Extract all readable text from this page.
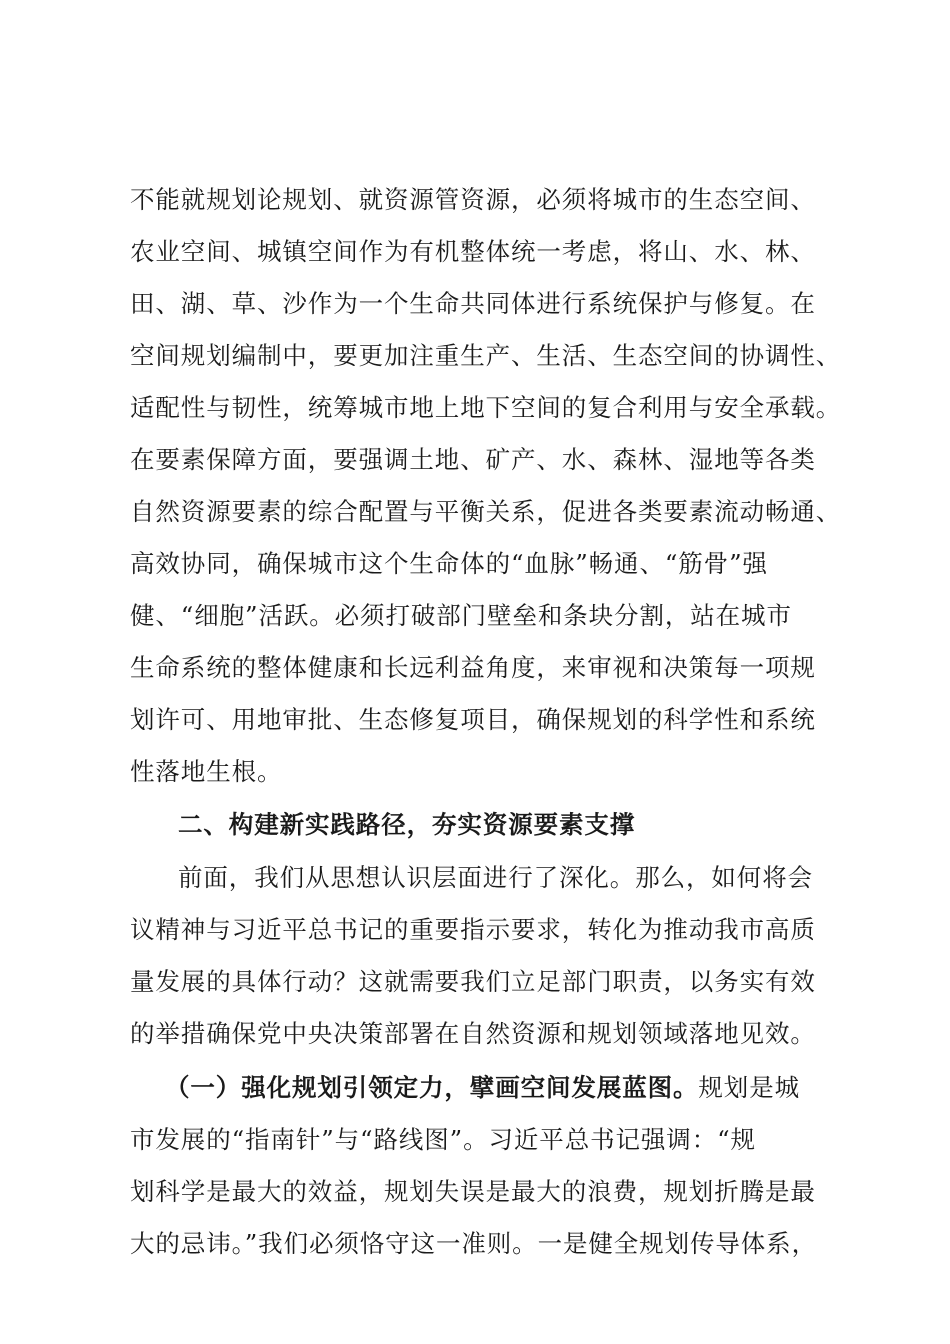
不能就规划论规划、就资源管资源，必须将城市的生态空间、
农业空间、城镇空间作为有机整体统一考虑，将山、水、林、
田、湖、草、沙作为一个生命共同体进行系统保护与修复。在
空间规划编制中，要更加注重生产、生活、生态空间的协调性、
适配性与韧性，统筹城市地上地下空间的复合利用与安全承载。
在要素保障方面，要强调土地、矿产、水、森林、湿地等各类
自然资源要素的综合配置与平衡关系，促进各类要素流动畅通、
高效协同，确保城市这个生命体的“血脉”畅通、“筋骨”强
健、“细胞”活跃。必须打破部门壁垒和条块分割，站在城市
生命系统的整体健康和长远利益角度，来审视和决策每一项规
划许可、用地审批、生态修复项目，确保规划的科学性和系统
性落地生根。
二、构建新实践路径，夯实资源要素支撑
前面，我们从思想认识层面进行了深化。那么，如何将会
议精神与习近平总书记的重要指示要求，转化为推动我市高质
量发展的具体行动？这就需要我们立足部门职责，以务实有效
的举措确保党中央决策部署在自然资源和规划领域落地见效。
（一）强化规划引领定力，擘画空间发展蓝图。规划是城
市发展的“指南针”与“路线图”。习近平总书记强调：“规
划科学是最大的效益，规划失误是最大的浪费，规划折腾是最
大的忌讳。”我们必须恪守这一准则。一是健全规划传导体系，
